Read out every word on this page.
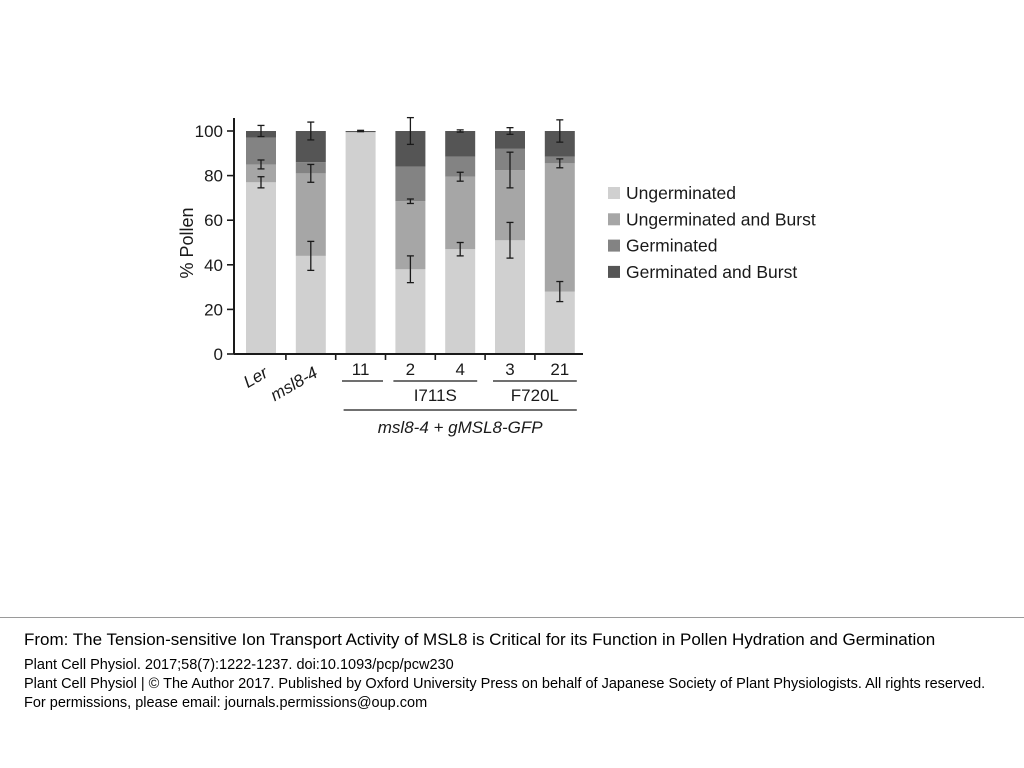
0
20
40
60
80
100
% Pollen
Ler
msl8-4 11 2 4 3 21
I711S	F720L
msl8-4 + gMSL8-GFP
Ungerminated
Ungerminated and Burst
Germinated
Germinated and Burst

From: The Tension-sensitive Ion Transport Activity of MSL8 is Critical for its Function in Pollen Hydration and Germination

Plant Cell Physiol. 2017;58(7):1222-1237. doi:10.1093/pcp/pcw230

Plant Cell Physiol | © The Author 2017. Published by Oxford University Press on behalf of Japanese Society of Plant Physiologists. All rights reserved. For permissions, please email: journals.permissions@oup.com
